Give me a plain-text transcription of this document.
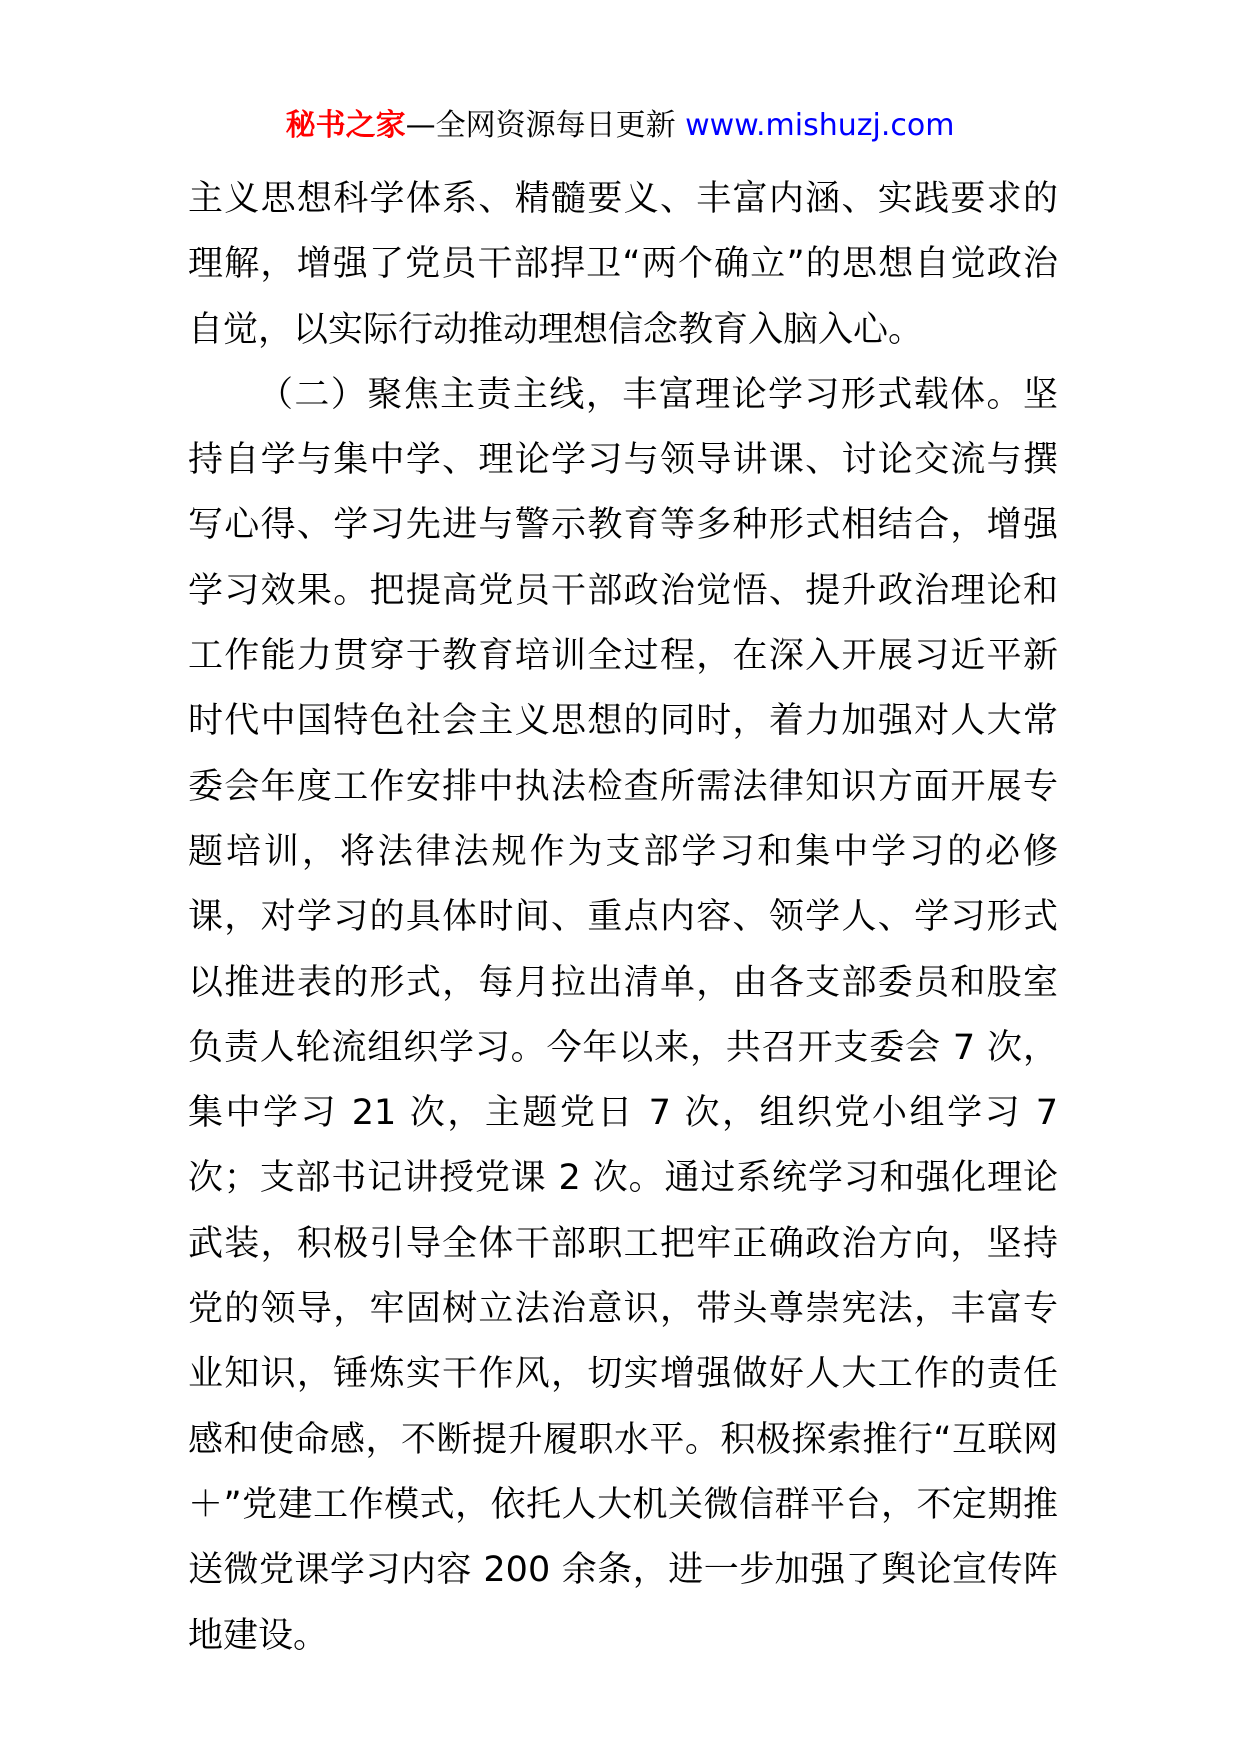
秘书之家—全网资源每日更新 www.mishuzj.com

主义思想科学体系、精髓要义、丰富内涵、实践要求的理解，增强了党员干部捍卫“两个确立”的思想自觉政治自觉，以实际行动推动理想信念教育入脑入心。

（二）聚焦主责主线，丰富理论学习形式载体。坚持自学与集中学、理论学习与领导讲课、讨论交流与撰写心得、学习先进与警示教育等多种形式相结合，增强学习效果。把提高党员干部政治觉悟、提升政治理论和工作能力贯穿于教育培训全过程，在深入开展习近平新时代中国特色社会主义思想的同时，着力加强对人大常委会年度工作安排中执法检查所需法律知识方面开展专题培训，将法律法规作为支部学习和集中学习的必修课，对学习的具体时间、重点内容、领学人、学习形式以推进表的形式，每月拉出清单，由各支部委员和股室负责人轮流组织学习。今年以来，共召开支委会 7 次，集中学习 21 次，主题党日 7 次，组织党小组学习 7 次；支部书记讲授党课 2 次。通过系统学习和强化理论武装，积极引导全体干部职工把牢正确政治方向，坚持党的领导，牢固树立法治意识，带头尊崇宪法，丰富专业知识，锤炼实干作风，切实增强做好人大工作的责任感和使命感，不断提升履职水平。积极探索推行“互联网＋”党建工作模式，依托人大机关微信群平台，不定期推送微党课学习内容 200 余条，进一步加强了舆论宣传阵地建设。
